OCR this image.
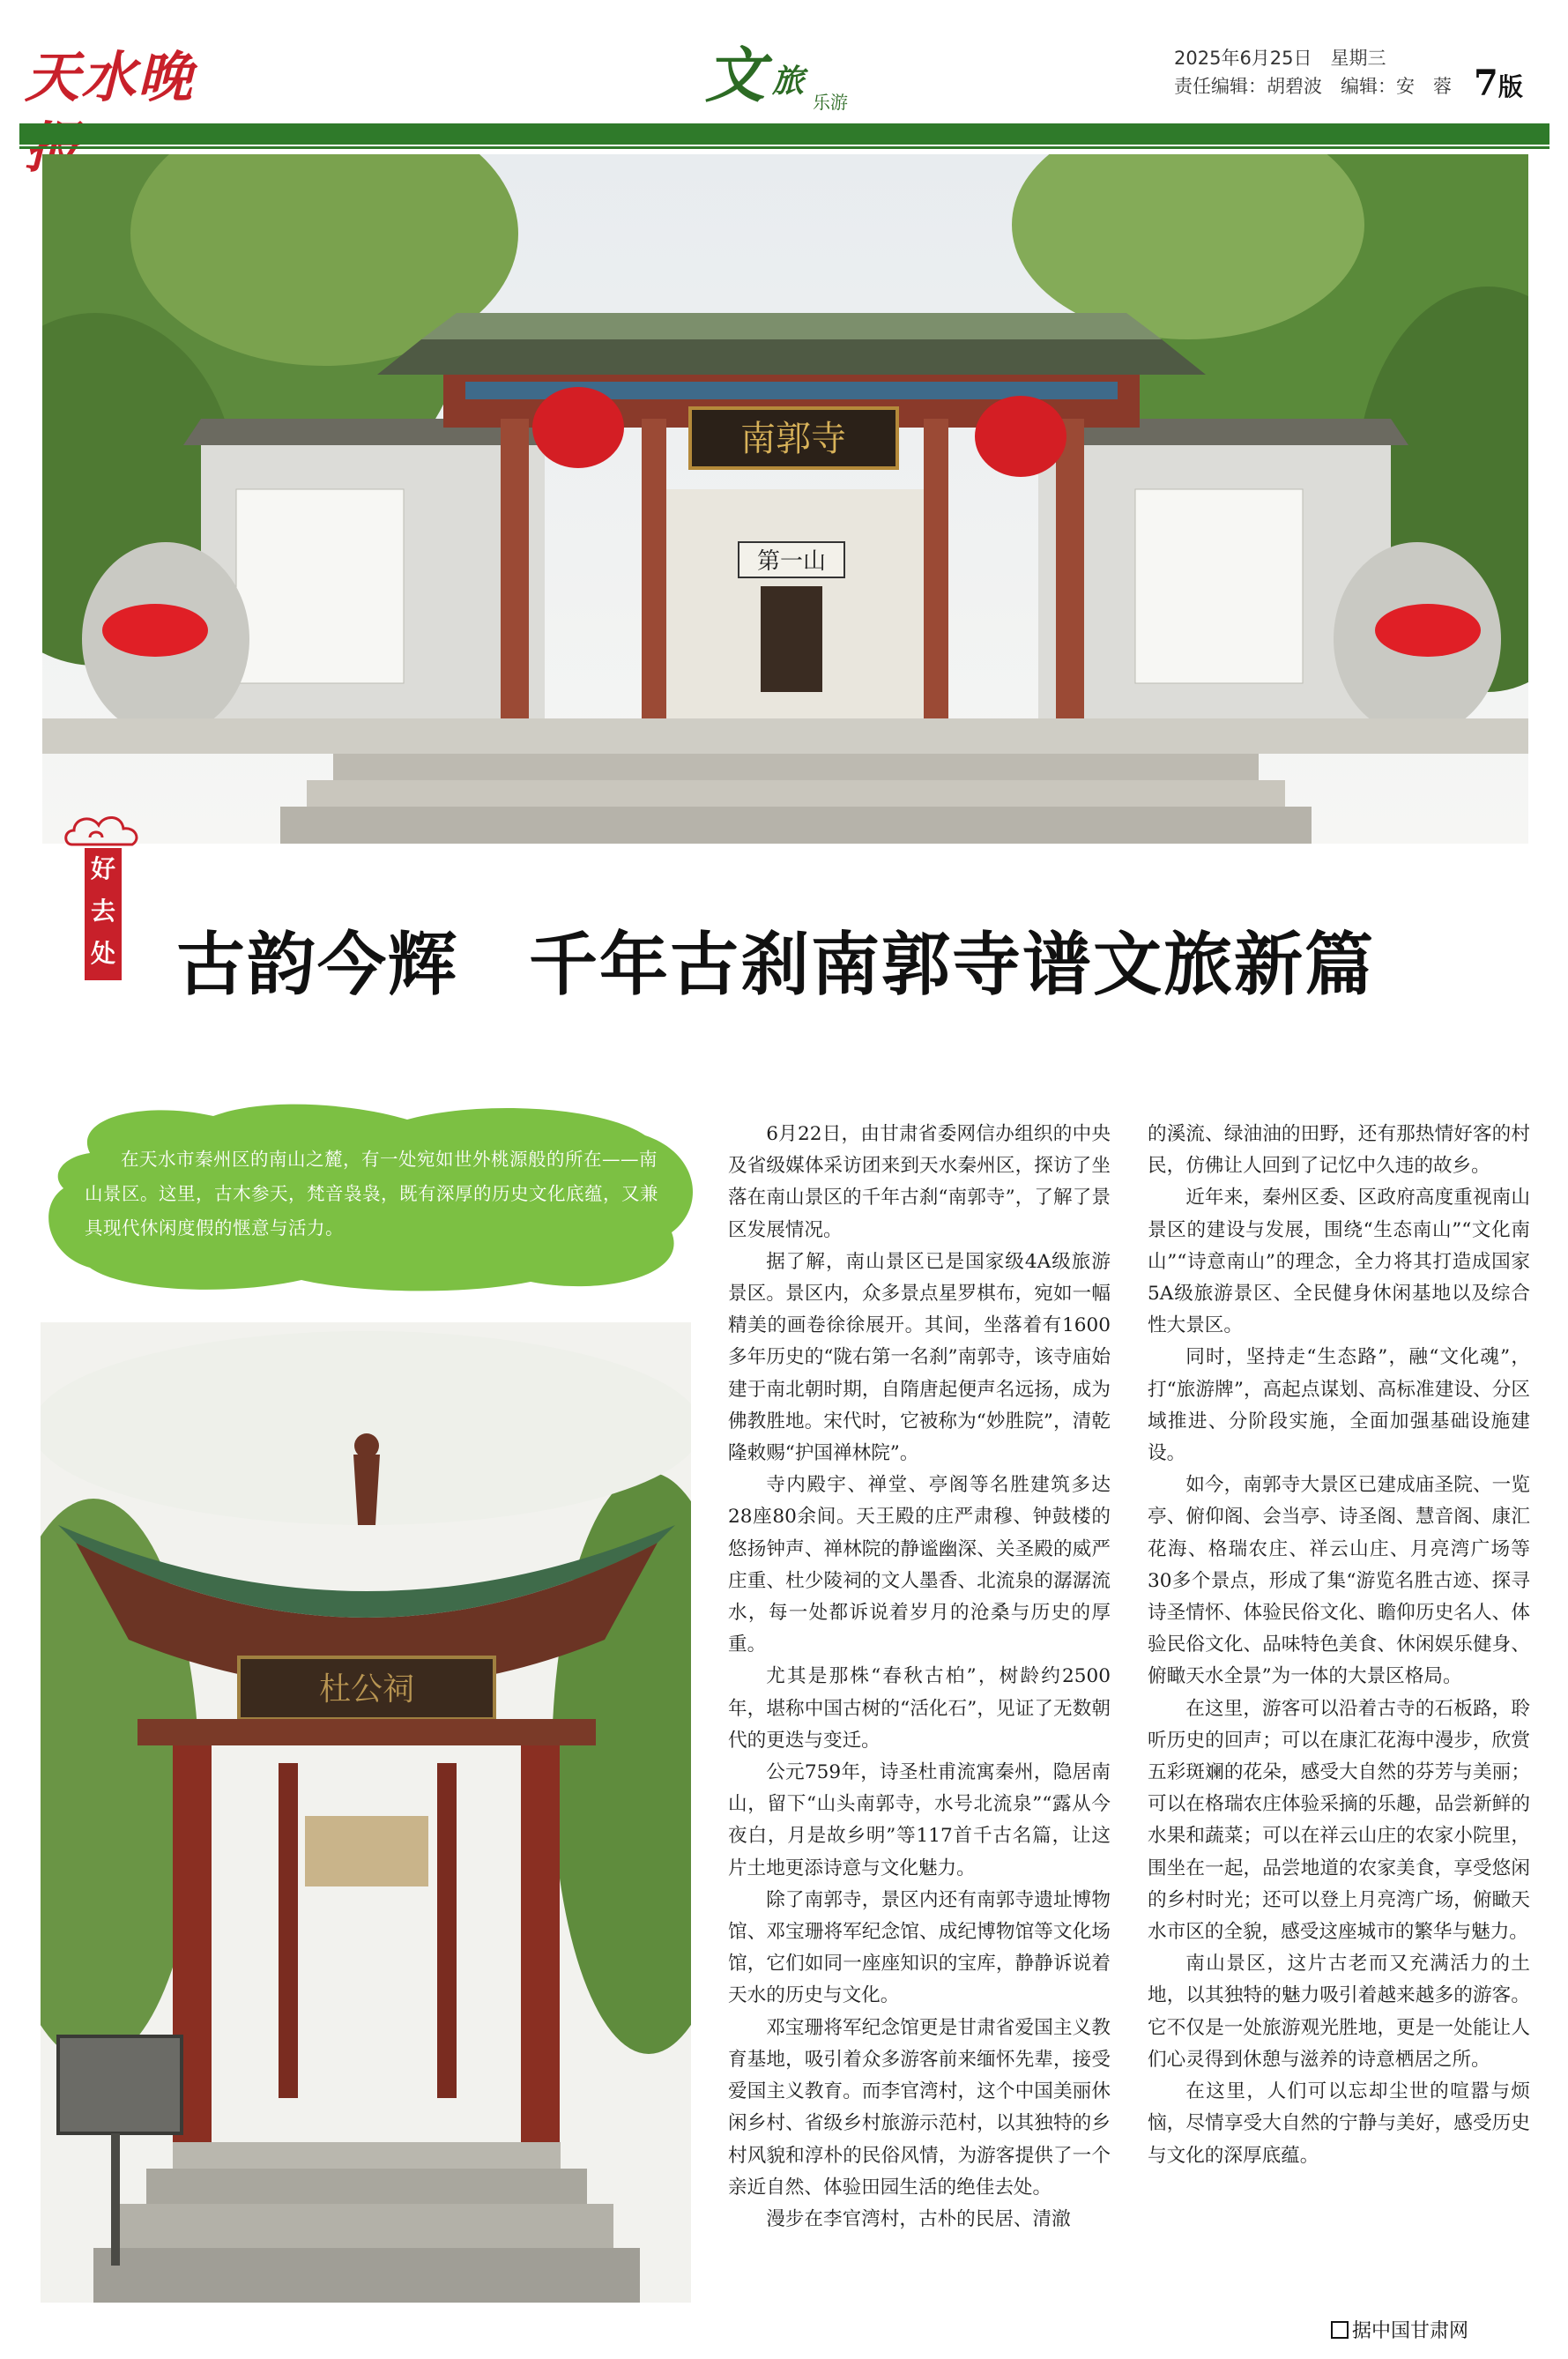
天水晚	文 旅
乐游
2025年6月25日　星期三
责任编辑：胡碧波　编辑：安　蓉 7版
南郭寺
第一山
好
去
处 古韵今辉　千年古刹南郭寺谱文旅新篇
在天水市秦州区的南山之麓，有一处宛如世外桃源般的所在——南山景区。这里，古木参天，梵音袅袅，既有深厚的历史文化底蕴，又兼具现代休闲度假的惬意与活力。
杜公祠

6月22日，由甘肃省委网信办组织的中央及省级媒体采访团来到天水秦州区，探访了坐落在南山景区的千年古刹“南郭寺”，了解了景区发展情况。

据了解，南山景区已是国家级4A级旅游景区。景区内，众多景点星罗棋布，宛如一幅精美的画卷徐徐展开。其间，坐落着有1600多年历史的“陇右第一名刹”南郭寺，该寺庙始建于南北朝时期，自隋唐起便声名远扬，成为佛教胜地。宋代时，它被称为“妙胜院”，清乾隆敕赐“护国禅林院”。

寺内殿宇、禅堂、亭阁等名胜建筑多达28座80余间。天王殿的庄严肃穆、钟鼓楼的悠扬钟声、禅林院的静谧幽深、关圣殿的威严庄重、杜少陵祠的文人墨香、北流泉的潺潺流水，每一处都诉说着岁月的沧桑与历史的厚重。

尤其是那株“春秋古柏”，树龄约2500年，堪称中国古树的“活化石”，见证了无数朝代的更迭与变迁。

公元759年，诗圣杜甫流寓秦州，隐居南山，留下“山头南郭寺，水号北流泉”“露从今夜白，月是故乡明”等117首千古名篇，让这片土地更添诗意与文化魅力。

除了南郭寺，景区内还有南郭寺遗址博物馆、邓宝珊将军纪念馆、成纪博物馆等文化场馆，它们如同一座座知识的宝库，静静诉说着天水的历史与文化。

邓宝珊将军纪念馆更是甘肃省爱国主义教育基地，吸引着众多游客前来缅怀先辈，接受爱国主义教育。而李官湾村，这个中国美丽休闲乡村、省级乡村旅游示范村，以其独特的乡村风貌和淳朴的民俗风情，为游客提供了一个亲近自然、体验田园生活的绝佳去处。

漫步在李官湾村，古朴的民居、清澈

的溪流、绿油油的田野，还有那热情好客的村民，仿佛让人回到了记忆中久违的故乡。

近年来，秦州区委、区政府高度重视南山景区的建设与发展，围绕“生态南山”“文化南山”“诗意南山”的理念，全力将其打造成国家5A级旅游景区、全民健身休闲基地以及综合性大景区。

同时，坚持走“生态路”，融“文化魂”，打“旅游牌”，高起点谋划、高标准建设、分区域推进、分阶段实施，全面加强基础设施建设。

如今，南郭寺大景区已建成庙圣院、一览亭、俯仰阁、会当亭、诗圣阁、慧音阁、康汇花海、格瑞农庄、祥云山庄、月亮湾广场等30多个景点，形成了集“游览名胜古迹、探寻诗圣情怀、体验民俗文化、瞻仰历史名人、体验民俗文化、品味特色美食、休闲娱乐健身、俯瞰天水全景”为一体的大景区格局。

在这里，游客可以沿着古寺的石板路，聆听历史的回声；可以在康汇花海中漫步，欣赏五彩斑斓的花朵，感受大自然的芬芳与美丽；可以在格瑞农庄体验采摘的乐趣，品尝新鲜的水果和蔬菜；可以在祥云山庄的农家小院里，围坐在一起，品尝地道的农家美食，享受悠闲的乡村时光；还可以登上月亮湾广场，俯瞰天水市区的全貌，感受这座城市的繁华与魅力。

南山景区，这片古老而又充满活力的土地，以其独特的魅力吸引着越来越多的游客。它不仅是一处旅游观光胜地，更是一处能让人们心灵得到休憩与滋养的诗意栖居之所。

在这里，人们可以忘却尘世的喧嚣与烦恼，尽情享受大自然的宁静与美好，感受历史与文化的深厚底蕴。

据中国甘肃网
